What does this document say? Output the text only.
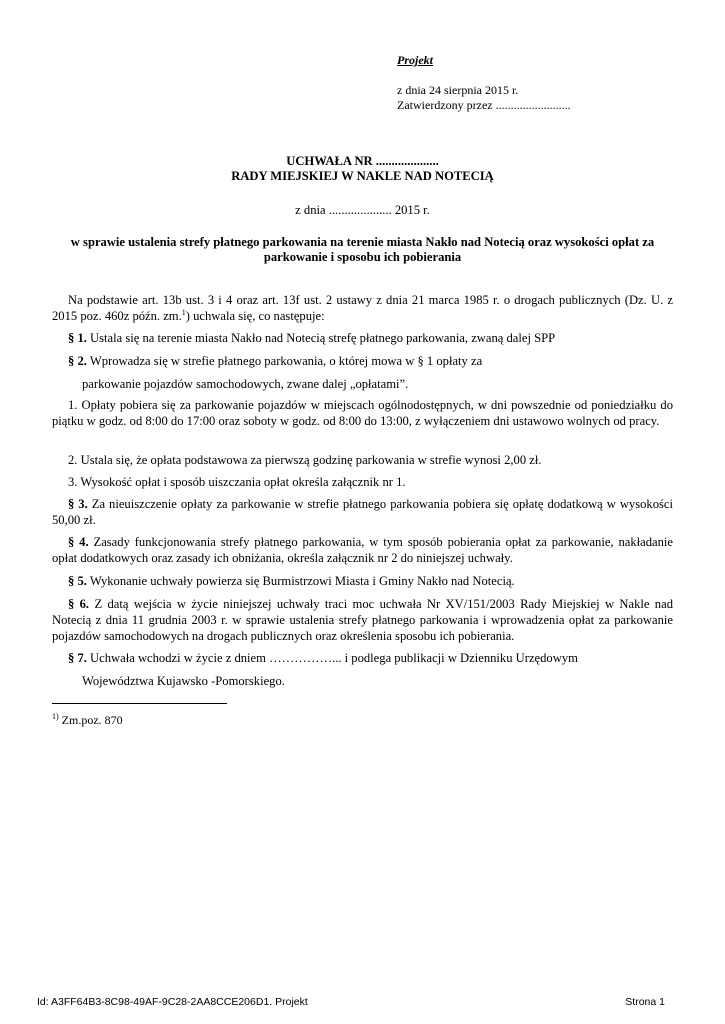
Projekt
z dnia 24 sierpnia 2015 r.
Zatwierdzony przez .........................
UCHWAŁA NR ....................
RADY MIEJSKIEJ W NAKLE NAD NOTECIĄ
z dnia .................... 2015 r.
w sprawie ustalenia strefy płatnego parkowania na terenie miasta Nakło nad Notecią oraz wysokości opłat za
parkowanie i sposobu ich pobierania
Na podstawie art. 13b ust. 3 i 4 oraz art. 13f ust. 2 ustawy z dnia 21 marca 1985 r. o drogach publicznych (Dz. U. z 2015 poz. 460z późn. zm.$^1$) uchwala się, co następuje:
§ 1. Ustala się na terenie miasta Nakło nad Notecią strefę płatnego parkowania, zwaną dalej SPP
§ 2. Wprowadza się w strefie płatnego parkowania, o której mowa w § 1 opłaty za
parkowanie pojazdów samochodowych, zwane dalej „opłatami”.
1. Opłaty pobiera się za parkowanie pojazdów w miejscach ogólnodostępnych, w dni powszednie od poniedziałku do piątku w godz. od 8:00 do 17:00 oraz soboty w godz. od 8:00 do 13:00, z wyłączeniem dni ustawowo wolnych od pracy.
2. Ustala się, że opłata podstawowa za pierwszą godzinę parkowania w strefie wynosi 2,00 zł.
3. Wysokość opłat i sposób uiszczania opłat określa załącznik nr 1.
§ 3. Za nieuiszczenie opłaty za parkowanie w strefie płatnego parkowania pobiera się opłatę dodatkową w wysokości 50,00 zł.
§ 4. Zasady funkcjonowania strefy płatnego parkowania, w tym sposób pobierania opłat za parkowanie, nakładanie opłat dodatkowych oraz zasady ich obniżania, określa załącznik nr 2 do niniejszej uchwały.
§ 5. Wykonanie uchwały powierza się Burmistrzowi Miasta i Gminy Nakło nad Notecią.
§ 6. Z datą wejścia w życie niniejszej uchwały traci moc uchwała Nr XV/151/2003 Rady Miejskiej w Nakle nad Notecią z dnia 11 grudnia 2003 r. w sprawie ustalenia strefy płatnego parkowania i wprowadzenia opłat za parkowanie pojazdów samochodowych na drogach publicznych oraz określenia sposobu ich pobierania.
§ 7. Uchwała wchodzi w życie z dniem ……………... i podlega publikacji w Dzienniku Urzędowym
Województwa Kujawsko -Pomorskiego.
$^{1)}$ Zm.poz. 870
Id: A3FF64B3-8C98-49AF-9C28-2AA8CCE206D1. Projekt	Strona 1
